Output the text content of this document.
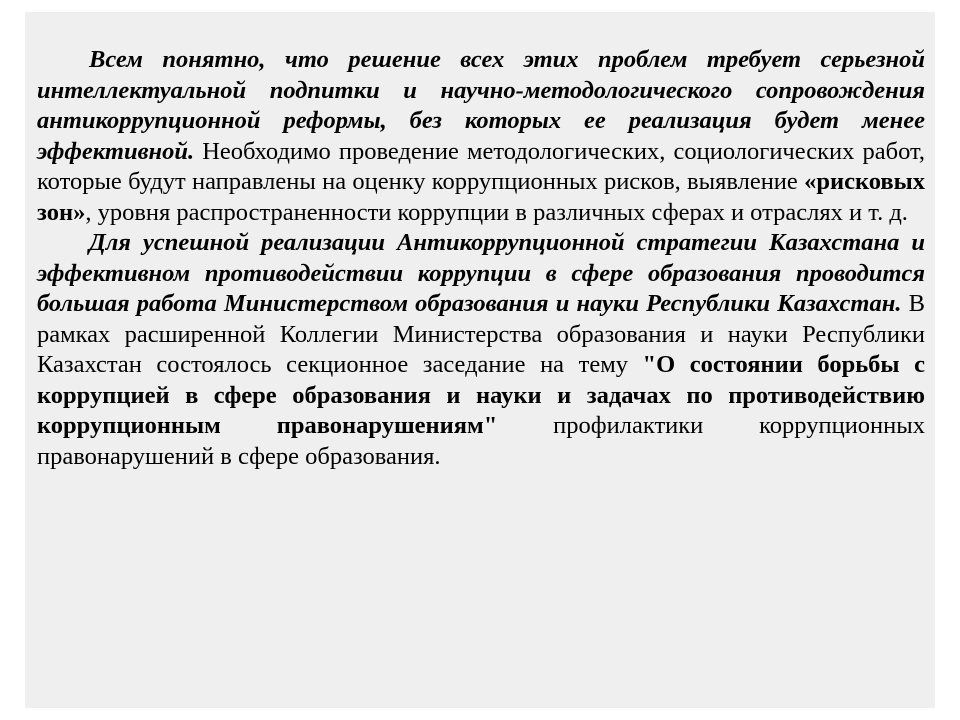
Всем понятно, что решение всех этих проблем требует серьезной интеллектуальной подпитки и научно-методологического сопровождения антикоррупционной реформы, без которых ее реализация будет менее эффективной. Необходимо проведение методологических, социологических работ, которые будут направлены на оценку коррупционных рисков, выявление «рисковых зон», уровня распространенности коррупции в различных сферах и отраслях и т. д.

Для успешной реализации Антикоррупционной стратегии Казахстана и эффективном противодействии коррупции в сфере образования проводится большая работа Министерством образования и науки Республики Казахстан. В рамках расширенной Коллегии Министерства образования и науки Республики Казахстан состоялось секционное заседание на тему "О состоянии борьбы с коррупцией в сфере образования и науки и задачах по противодействию коррупционным правонарушениям" профилактики коррупционных правонарушений в сфере образования.
